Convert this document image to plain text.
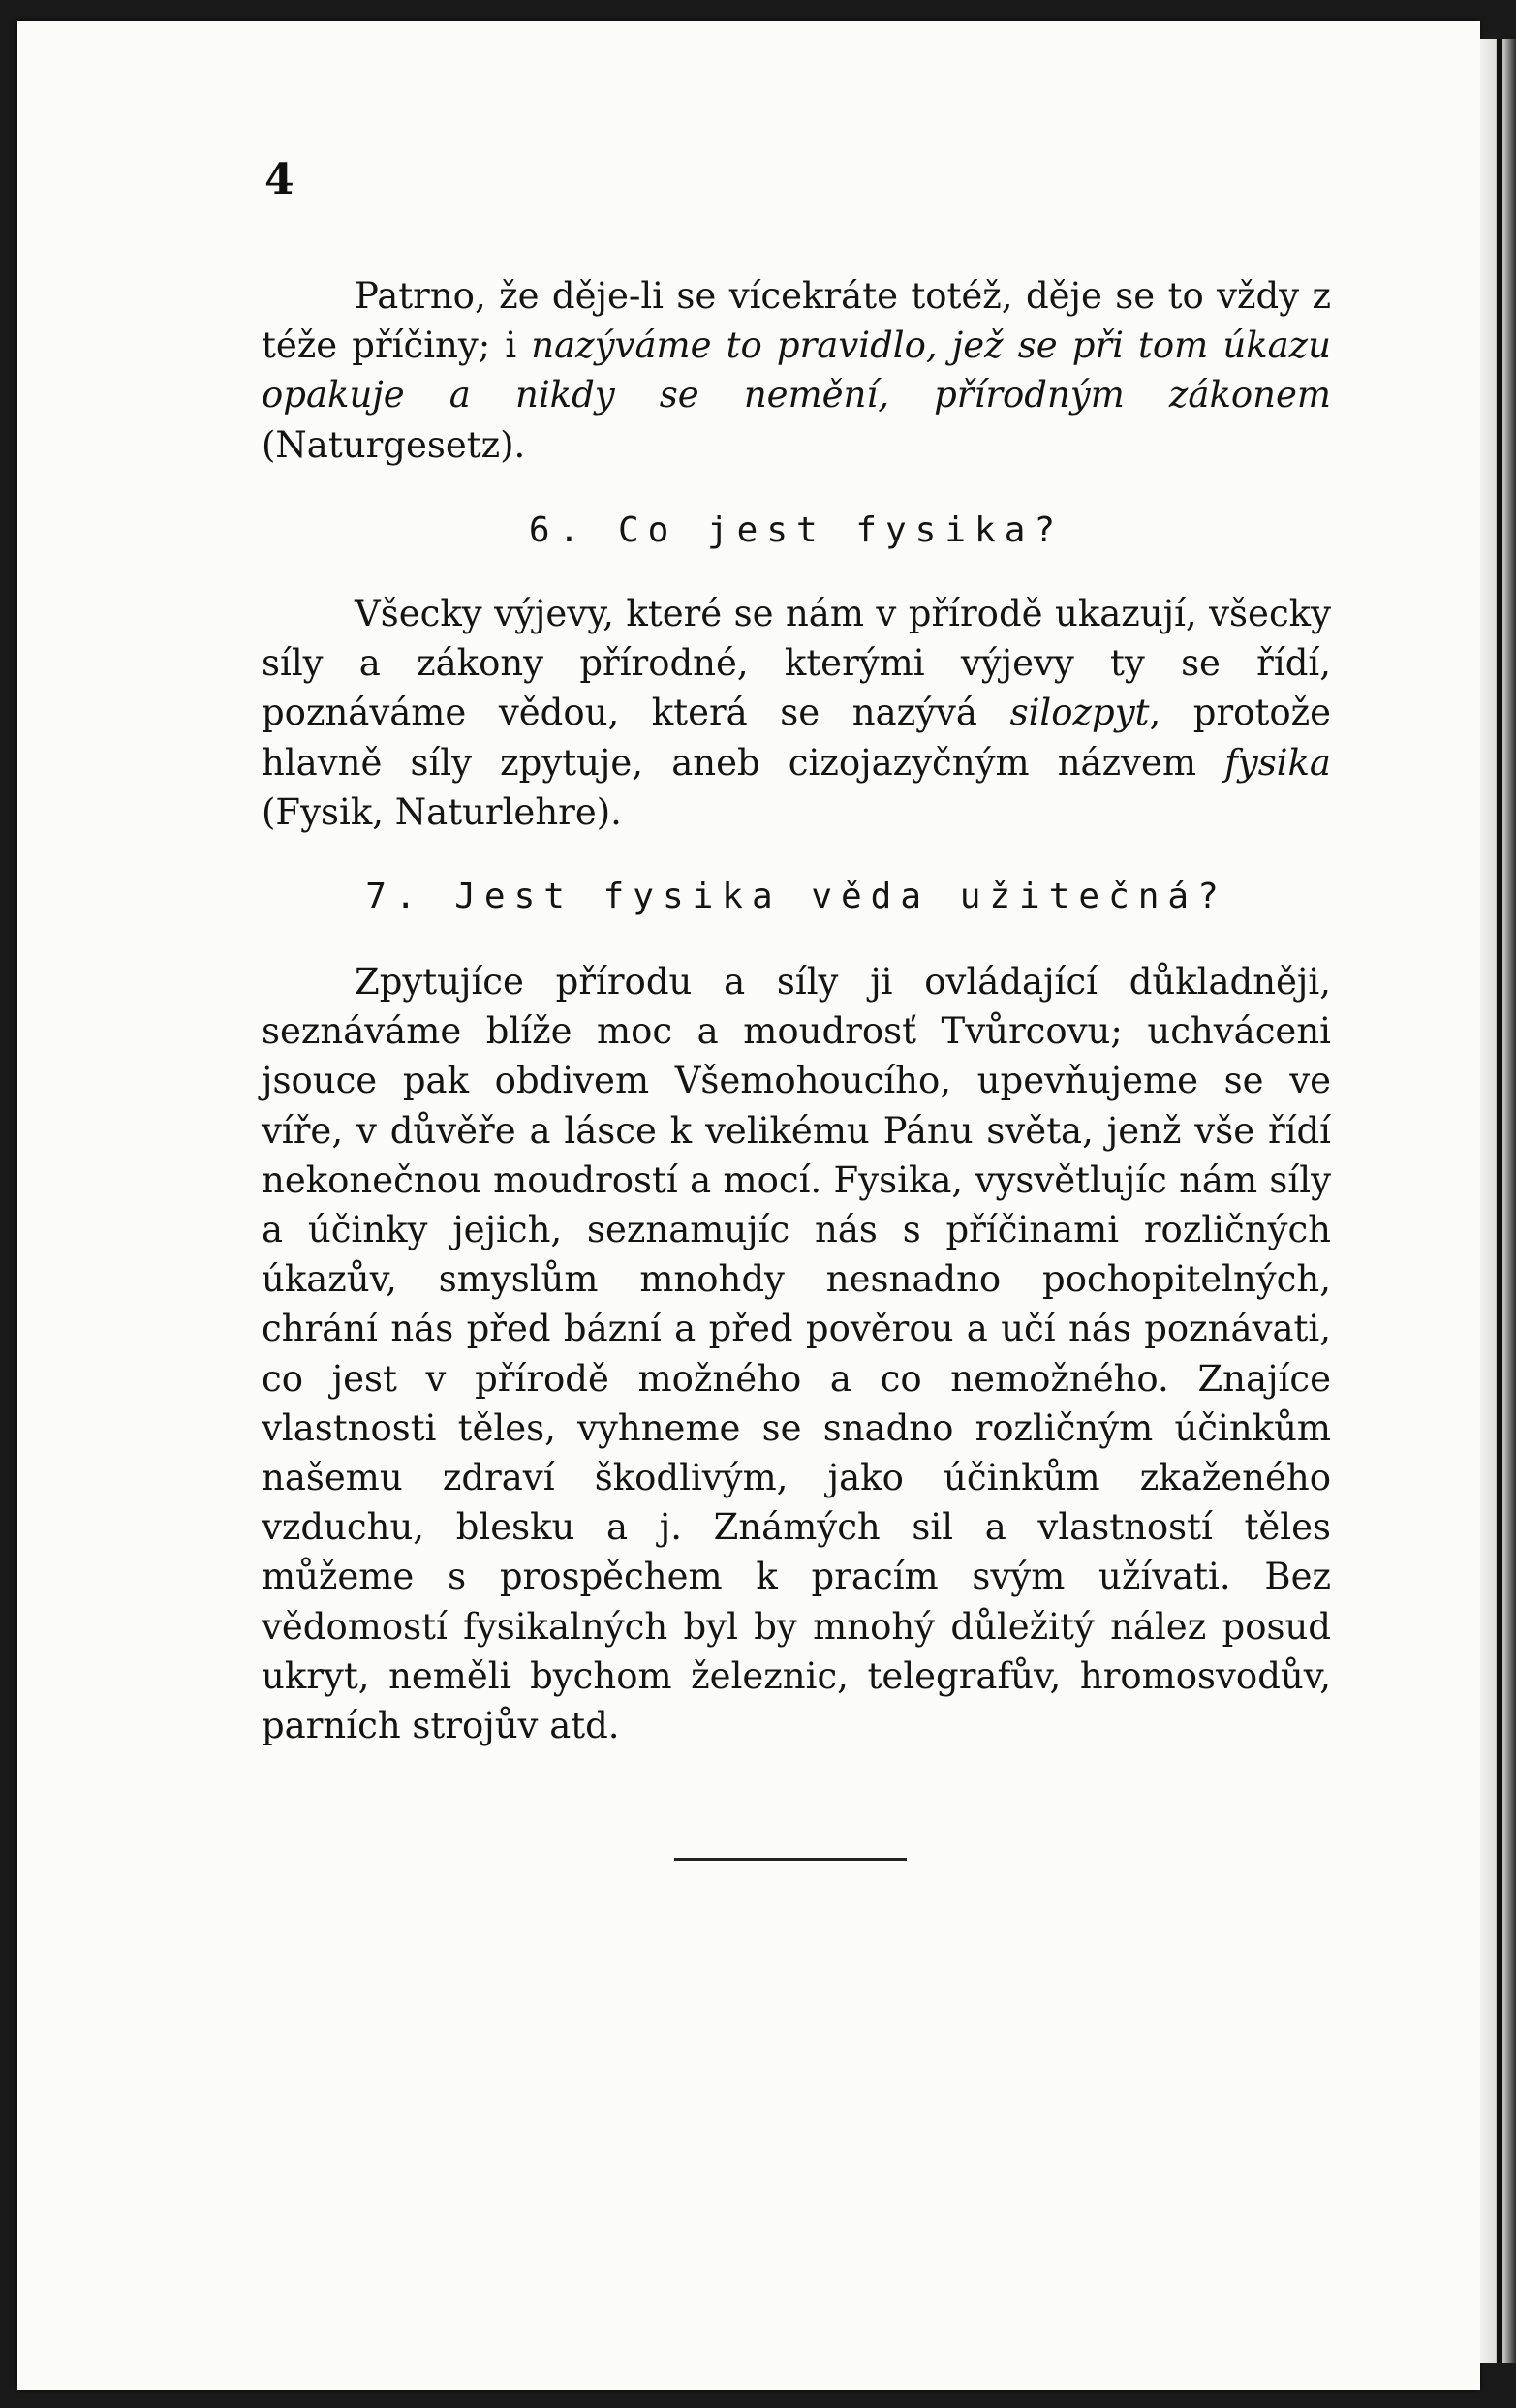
4

Patrno, že děje-li se vícekráte totéž, děje se to vždy z téže příčiny; i nazýváme to pravidlo, jež se při tom úkazu opakuje a nikdy se nemění, přírodným zákonem (Naturgesetz).

6. Co jest fysika?

Všecky výjevy, které se nám v přírodě ukazují, všecky síly a zákony přírodné, kterými výjevy ty se řídí, poznáváme vědou, která se nazývá silozpyt, protože hlavně síly zpytuje, aneb cizojazyčným názvem fysika (Fysik, Naturlehre).

7. Jest fysika věda užitečná?

Zpytujíce přírodu a síly ji ovládající důkladněji, seznáváme blíže moc a moudrosť Tvůrcovu; uchváceni jsouce pak obdivem Všemohoucího, upevňujeme se ve víře, v důvěře a lásce k velikému Pánu světa, jenž vše řídí nekonečnou moudrostí a mocí. Fysika, vysvětlujíc nám síly a účinky jejich, seznamujíc nás s příčinami rozličných úkazův, smyslům mnohdy nesnadno pochopitelných, chrání nás před bázní a před pověrou a učí nás poznávati, co jest v přírodě možného a co nemožného. Znajíce vlastnosti těles, vyhneme se snadno rozličným účinkům našemu zdraví škodlivým, jako účinkům zkaženého vzduchu, blesku a j. Známých sil a vlastností těles můžeme s prospěchem k pracím svým užívati. Bez vědomostí fysikalných byl by mnohý důležitý nález posud ukryt, neměli bychom železnic, telegrafův, hromosvodův, parních strojův atd.
